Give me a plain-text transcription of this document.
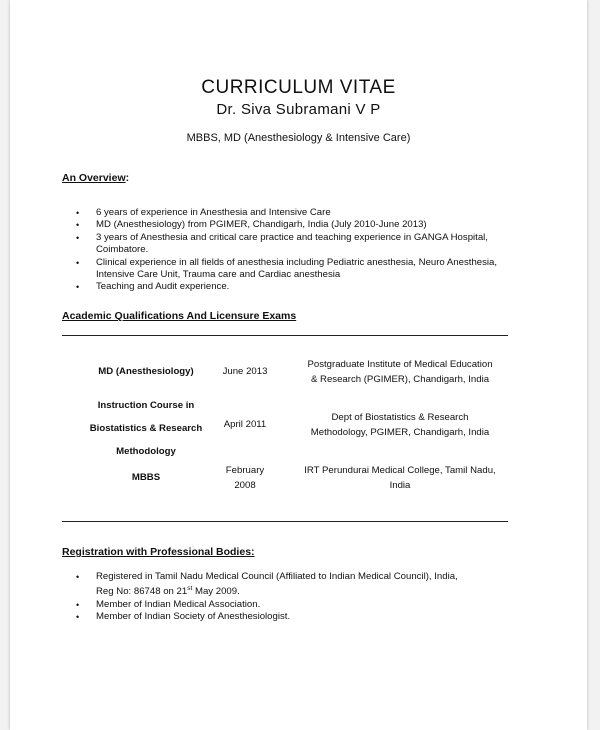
CURRICULUM VITAE
Dr. Siva Subramani V P
MBBS, MD (Anesthesiology & Intensive Care)
An Overview:
• 6 years of experience in Anesthesia and Intensive Care
• MD (Anesthesiology) from PGIMER, Chandigarh, India (July 2010-June 2013)
• 3 years of Anesthesia and critical care practice and teaching experience in GANGA Hospital, Coimbatore.
• Clinical experience in all fields of anesthesia including Pediatric anesthesia, Neuro Anesthesia, Intensive Care Unit, Trauma care and Cardiac anesthesia
• Teaching and Audit experience.
Academic Qualifications And Licensure Exams
MD (Anesthesiology)	June 2013
Postgraduate Institute of Medical Education
& Research (PGIMER), Chandigarh, India
Instruction Course in
Biostatistics & Research
Methodology
April 2011
Dept of Biostatistics & Research
Methodology, PGIMER, Chandigarh, India
MBBS
February
2008
IRT Perundurai Medical College, Tamil Nadu,
India
Registration with Professional Bodies:
• Registered in Tamil Nadu Medical Council (Affiliated to Indian Medical Council), India,
Reg No: 86748 on 21st May 2009.
• Member of Indian Medical Association.
• Member of Indian Society of Anesthesiologist.
